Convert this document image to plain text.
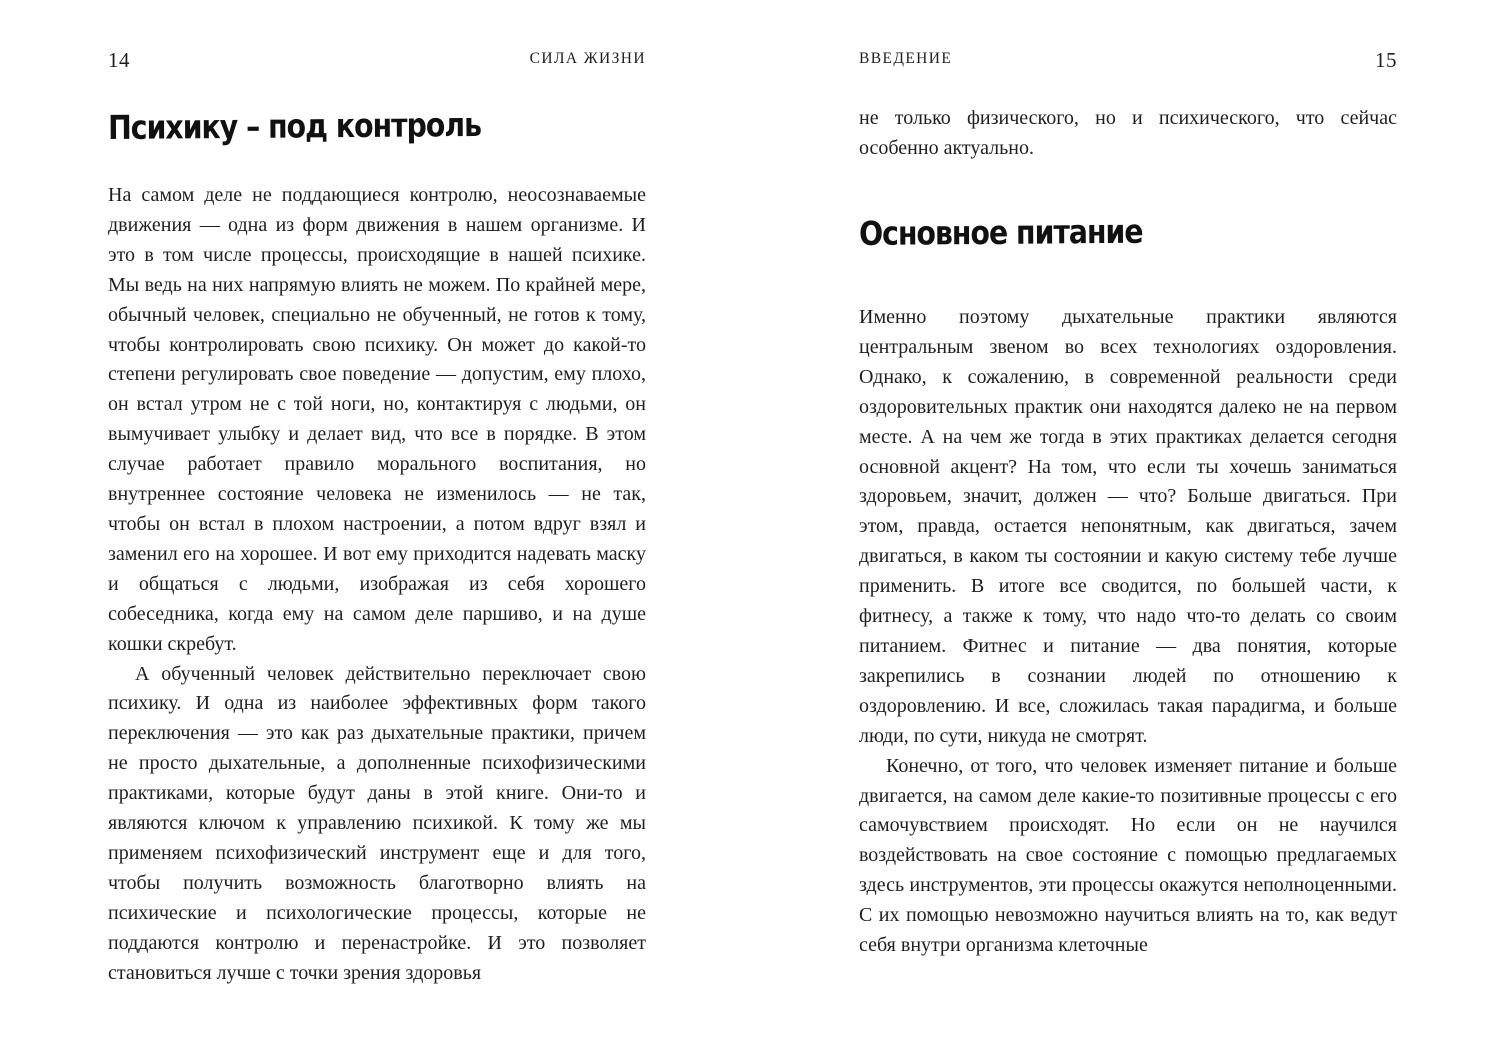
14	СИЛА ЖИЗНИ
Психику – под контроль

На самом деле не поддающиеся контролю, неосознаваемые движения — одна из форм движения в нашем организме. И это в том числе процессы, происходящие в нашей психике. Мы ведь на них напрямую влиять не можем. По крайней мере, обычный человек, специально не обученный, не готов к тому, чтобы контролировать свою психику. Он может до какой-то степени регулировать свое поведение — допустим, ему плохо, он встал утром не с той ноги, но, контактируя с людьми, он вымучивает улыбку и делает вид, что все в порядке. В этом случае работает правило морального воспитания, но внутреннее состояние человека не изменилось — не так, чтобы он встал в плохом настроении, а потом вдруг взял и заменил его на хорошее. И вот ему приходится надевать маску и общаться с людьми, изображая из себя хорошего собеседника, когда ему на самом деле паршиво, и на душе кошки скребут.

А обученный человек действительно переключает свою психику. И одна из наиболее эффективных форм такого переключения — это как раз дыхательные практики, причем не просто дыхательные, а дополненные психофизическими практиками, которые будут даны в этой книге. Они-то и являются ключом к управлению психикой. К тому же мы применяем психофизический инструмент еще и для того, чтобы получить возможность благотворно влиять на психические и психологические процессы, которые не поддаются контролю и перенастройке. И это позволяет становиться лучше с точки зрения здоровья

ВВЕДЕНИЕ	15

не только физического, но и психического, что сейчас особенно актуально.

Основное питание

Именно поэтому дыхательные практики являются центральным звеном во всех технологиях оздоровления. Однако, к сожалению, в современной реальности среди оздоровительных практик они находятся далеко не на первом месте. А на чем же тогда в этих практиках делается сегодня основной акцент? На том, что если ты хочешь заниматься здоровьем, значит, должен — что? Больше двигаться. При этом, правда, остается непонятным, как двигаться, зачем двигаться, в каком ты состоянии и какую систему тебе лучше применить. В итоге все сводится, по большей части, к фитнесу, а также к тому, что надо что-то делать со своим питанием. Фитнес и питание — два понятия, которые закрепились в сознании людей по отношению к оздоровлению. И все, сложилась такая парадигма, и больше люди, по сути, никуда не смотрят.

Конечно, от того, что человек изменяет питание и больше двигается, на самом деле какие-то позитивные процессы с его самочувствием происходят. Но если он не научился воздействовать на свое состояние с помощью предлагаемых здесь инструментов, эти процессы окажутся неполноценными. С их помощью невозможно научиться влиять на то, как ведут себя внутри организма клеточные
